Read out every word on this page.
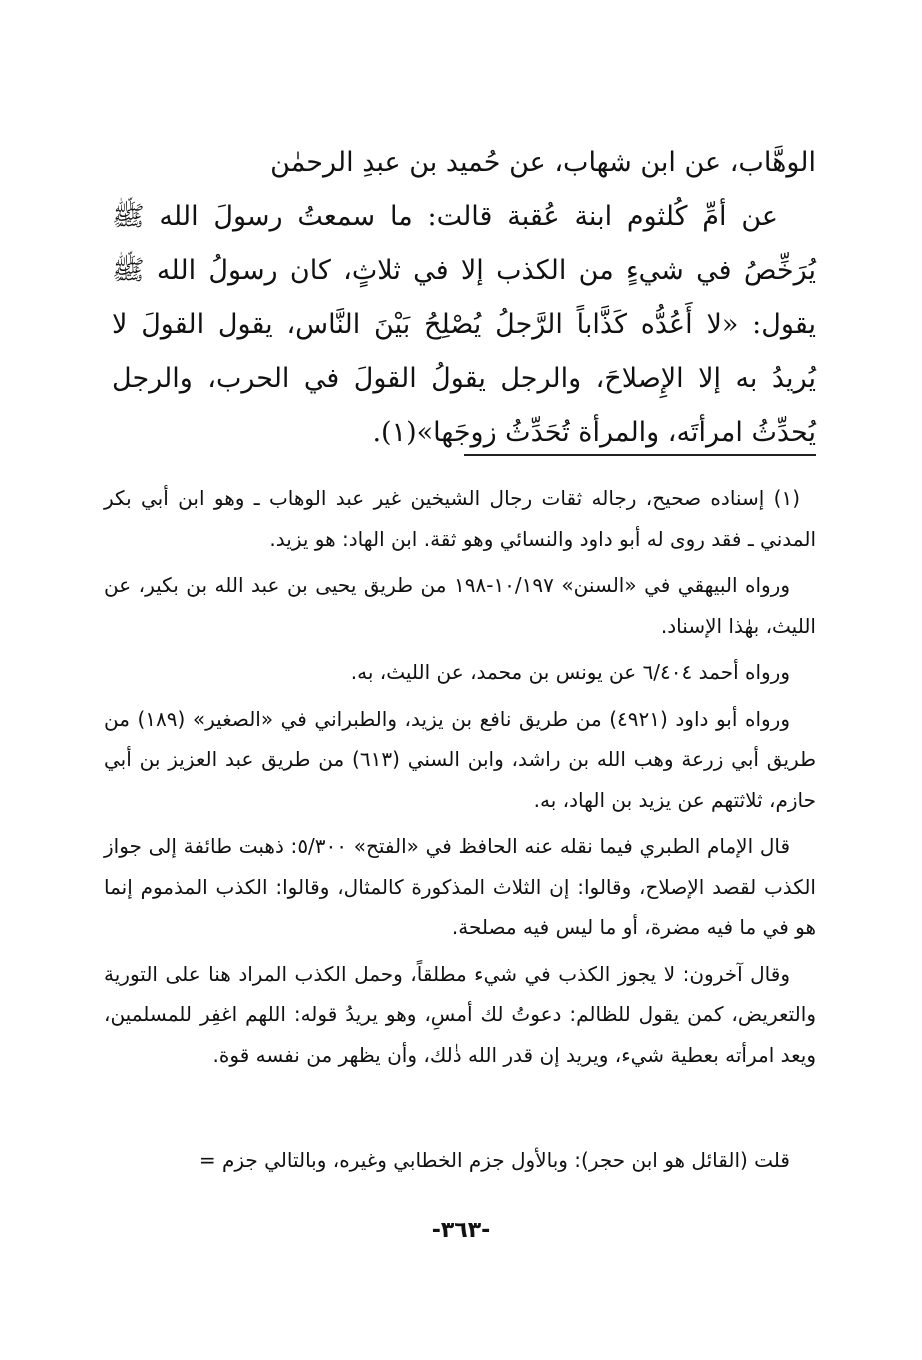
الوهَّاب، عن ابن شهاب، عن حُميد بن عبدِ الرحمٰن

عن أمِّ كُلثوم ابنة عُقبة قالت: ما سمعتُ رسولَ الله ﷺ يُرَخِّصُ في شيءٍ من الكذب إلا في ثلاثٍ، كان رسولُ الله ﷺ يقول: «لا أَعُدُّه كَذَّاباً الرَّجلُ يُصْلِحُ بَيْنَ النَّاس، يقول القولَ لا يُريدُ به إلا الإِصلاحَ، والرجل يقولُ القولَ في الحرب، والرجل يُحدِّثُ امرأتَه، والمرأة تُحَدِّثُ زوجَها»(١).

(١) إسناده صحيح، رجاله ثقات رجال الشيخين غير عبد الوهاب ـ وهو ابن أبي بكر المدني ـ فقد روى له أبو داود والنسائي وهو ثقة. ابن الهاد: هو يزيد.

ورواه البيهقي في «السنن» ١٠/١٩٧-١٩٨ من طريق يحيى بن عبد الله بن بكير، عن الليث، بهٰذا الإسناد.

ورواه أحمد ٦/٤٠٤ عن يونس بن محمد، عن الليث، به.

ورواه أبو داود (٤٩٢١) من طريق نافع بن يزيد، والطبراني في «الصغير» (١٨٩) من طريق أبي زرعة وهب الله بن راشد، وابن السني (٦١٣) من طريق عبد العزيز بن أبي حازم، ثلاثتهم عن يزيد بن الهاد، به.

قال الإمام الطبري فيما نقله عنه الحافظ في «الفتح» ٥/٣٠٠: ذهبت طائفة إلى جواز الكذب لقصد الإصلاح، وقالوا: إن الثلاث المذكورة كالمثال، وقالوا: الكذب المذموم إنما هو في ما فيه مضرة، أو ما ليس فيه مصلحة.

وقال آخرون: لا يجوز الكذب في شيء مطلقاً، وحمل الكذب المراد هنا على التورية والتعريض، كمن يقول للظالم: دعوتُ لك أمسِ، وهو يريدُ قوله: اللهم اغفِر للمسلمين، ويعد امرأته بعطية شيء، ويريد إن قدر الله ذٰلك، وأن يظهر من نفسه قوة.

قلت (القائل هو ابن حجر): وبالأول جزم الخطابي وغيره، وبالتالي جزم =
-٣٦٣-
